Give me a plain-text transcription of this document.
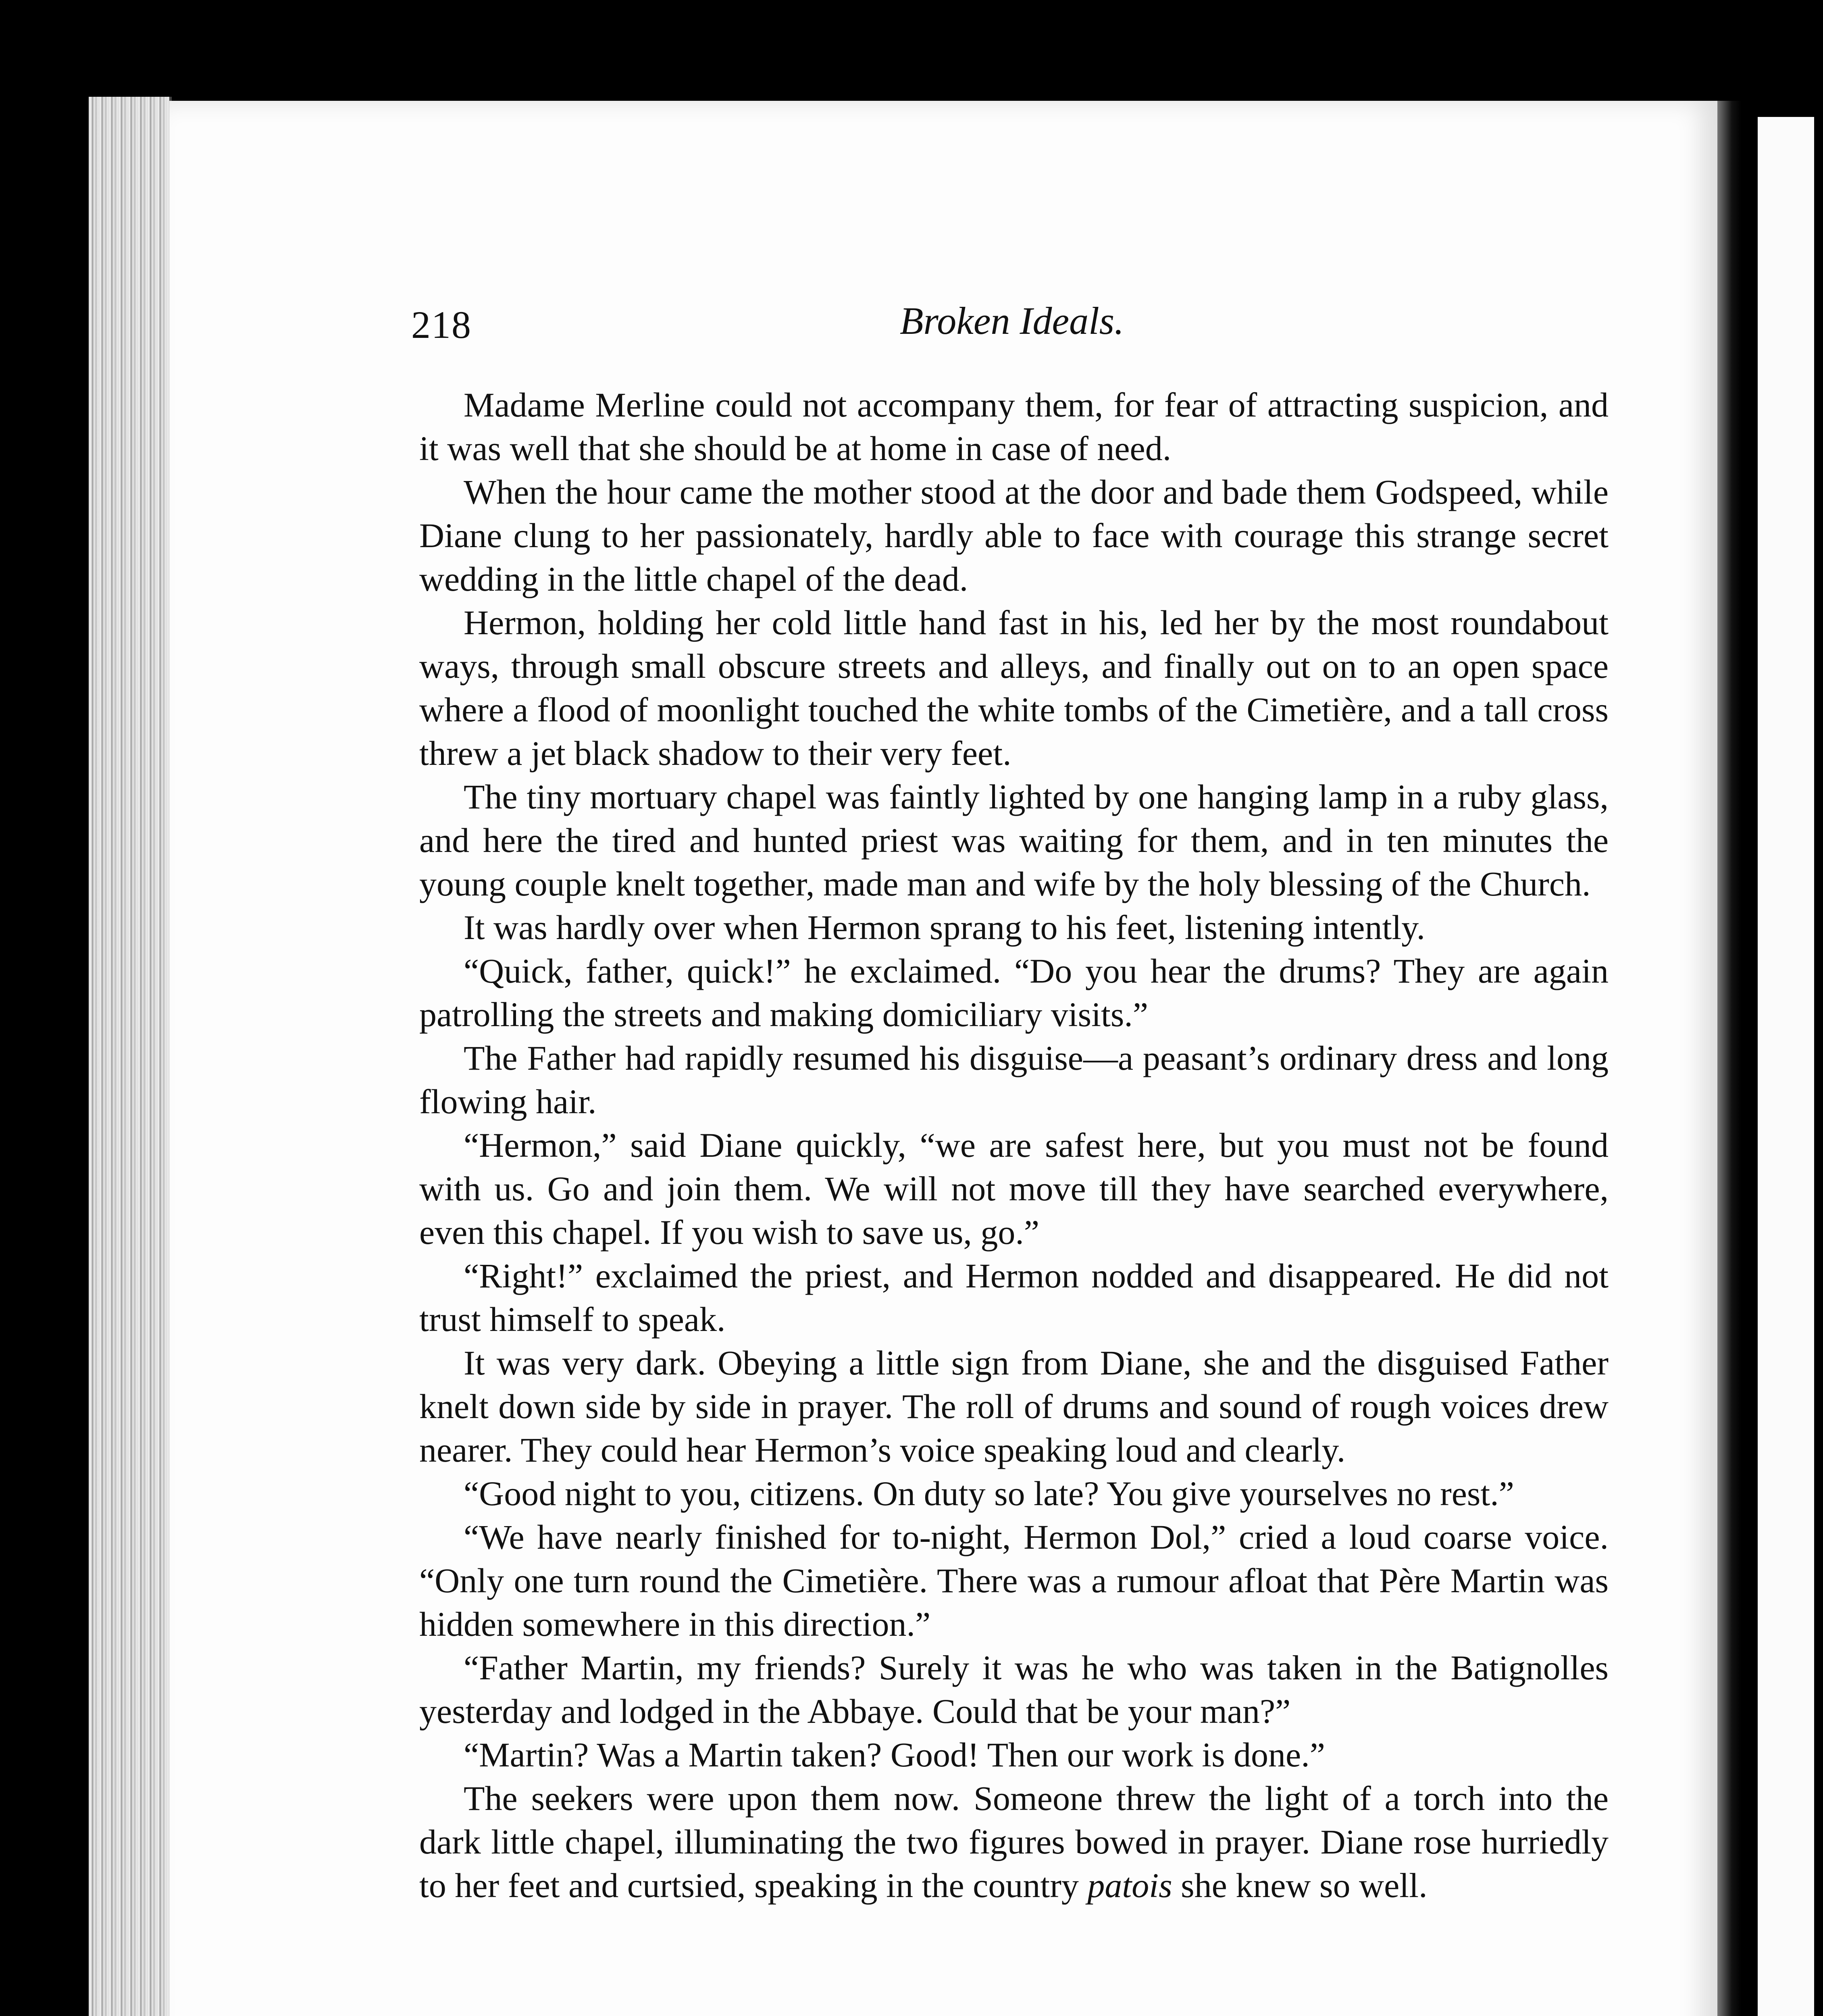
218	Broken Ideals.

Madame Merline could not accompany them, for fear of attracting suspicion, and it was well that she should be at home in case of need.

When the hour came the mother stood at the door and bade them Godspeed, while Diane clung to her passionately, hardly able to face with courage this strange secret wedding in the little chapel of the dead.

Hermon, holding her cold little hand fast in his, led her by the most roundabout ways, through small obscure streets and alleys, and finally out on to an open space where a flood of moonlight touched the white tombs of the Cimetière, and a tall cross threw a jet black shadow to their very feet.

The tiny mortuary chapel was faintly lighted by one hanging lamp in a ruby glass, and here the tired and hunted priest was waiting for them, and in ten minutes the young couple knelt together, made man and wife by the holy blessing of the Church.

It was hardly over when Hermon sprang to his feet, listening intently.

“Quick, father, quick!” he exclaimed. “Do you hear the drums? They are again patrolling the streets and making domiciliary visits.”

The Father had rapidly resumed his disguise—a peasant’s ordinary dress and long flowing hair.

“Hermon,” said Diane quickly, “we are safest here, but you must not be found with us. Go and join them. We will not move till they have searched everywhere, even this chapel. If you wish to save us, go.”

“Right!” exclaimed the priest, and Hermon nodded and disappeared. He did not trust himself to speak.

It was very dark. Obeying a little sign from Diane, she and the disguised Father knelt down side by side in prayer. The roll of drums and sound of rough voices drew nearer. They could hear Hermon’s voice speaking loud and clearly.

“Good night to you, citizens. On duty so late? You give yourselves no rest.”

“We have nearly finished for to-night, Hermon Dol,” cried a loud coarse voice. “Only one turn round the Cimetière. There was a rumour afloat that Père Martin was hidden somewhere in this direction.”

“Father Martin, my friends? Surely it was he who was taken in the Batignolles yesterday and lodged in the Abbaye. Could that be your man?”

“Martin? Was a Martin taken? Good! Then our work is done.”

The seekers were upon them now. Someone threw the light of a torch into the dark little chapel, illuminating the two figures bowed in prayer. Diane rose hurriedly to her feet and curtsied, speaking in the country patois she knew so well.
